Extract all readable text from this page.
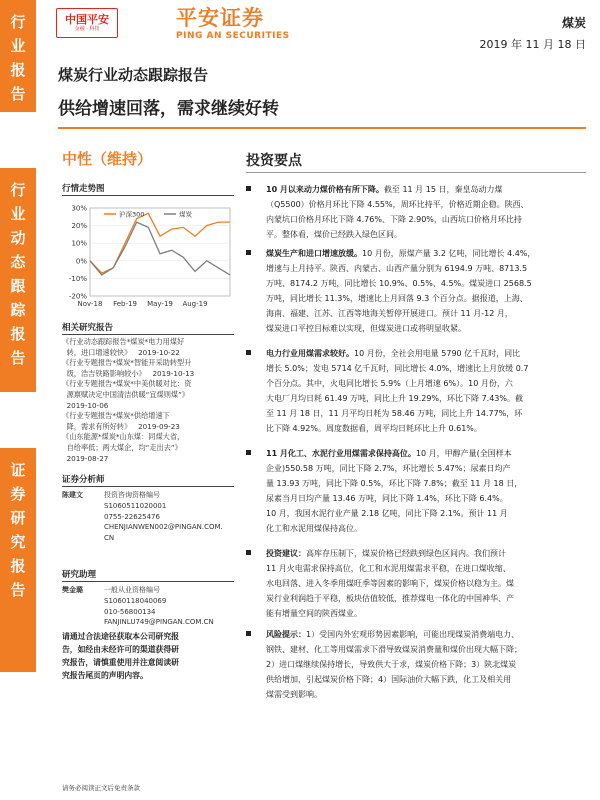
行业报告
行业动态跟踪报告
证券研究报告
中国平安
金融 · 科技	平安证券
PING AN SECURITIES
煤炭
2019 年 11 月 18 日
煤炭行业动态跟踪报告
供给增速回落，需求继续好转
中性（维持）
行情走势图
30%
20%
10%
0%
-10%
-20%
Nov-18 Feb-19 May-19 Aug-19
沪深300	煤炭
相关研究报告
《行业动态跟踪报告*煤炭*电力用煤好
转，进口增速较快》   2019-10-22
《行业专题报告*煤炭*智能开采助转型升
级，浩吉铁路影响较小》   2019-10-13
《行业专题报告*煤炭*中美供暖对比：资
源禀赋决定中国清洁供暖“宜煤则煤”》
2019-10-06
《行业专题报告*煤炭*供给增速下
降，需求有所好转》   2019-09-23
《山东能源*煤炭*山东煤：同煤大省，
自给率低；两大煤企，均“走出去”》
2019-08-27
证券分析师
陈建文	投资咨询资格编号
S1060511020001
0755-22625476
CHENJIANWEN002@PINGAN.COM.
CN
研究助理
樊金璐	一般从业资格编号
S1060118040069
010-56800134
FANJINLU749@PINGAN.COM.CN
请通过合法途径获取本公司研究报
告，如经由未经许可的渠道获得研
究报告，请慎重使用并注意阅读研
究报告尾页的声明内容。
投资要点
10 月以来动力煤价格有所下降。截至 11 月 15 日，秦皇岛动力煤
（Q5500）价格月环比下降 4.55%，周环比持平，价格近期企稳。陕西、
内蒙坑口价格月环比下降 4.76%、下降 2.90%，山西坑口价格月环比持
平。整体看，煤价已经跌入绿色区间。
煤炭生产和进口增速放缓。10 月份，原煤产量 3.2 亿吨，同比增长 4.4%，
增速与上月持平。陕西、内蒙古、山西产量分别为 6194.9 万吨、8713.5
万吨、8174.2 万吨，同比增长 10.9%、0.5%、4.5%。煤炭进口 2568.5
万吨，同比增长 11.3%，增速比上月回落 9.3 个百分点。据报道，上海、
海南、福建、江苏、江西等地海关暂停开展进口。预计 11 月-12 月，
煤炭进口平控目标难以实现，但煤炭进口或将明显收紧。
电力行业用煤需求较好。10 月份，全社会用电量 5790 亿千瓦时，同比
增长 5.0%；发电 5714 亿千瓦时，同比增长 4.0%，增速比上月放缓 0.7
个百分点。其中，火电同比增长 5.9%（上月增速 6%）。10 月份，六
大电厂月均日耗 61.49 万吨，同比上升 19.29%，环比下降 7.43%。截
至 11 月 18 日，11 月平均日耗为 58.46 万吨，同比上升 14.77%，环
比下降 4.92%。周度数据看，周平均日耗环比上升 0.61%。
11 月化工、水泥行业用煤需求保持高位。10 月，甲醇产量(全国样本
企业)550.58 万吨，同比下降 2.7%，环比增长 5.47%；尿素日均产
量 13.93 万吨，同比下降 0.5%，环比下降 7.8%；截至 11 月 18 日，
尿素当月日均产量 13.46 万吨，同比下降 1.4%，环比下降 6.4%。
10 月，我国水泥行业产量 2.18 亿吨，同比下降 2.1%。预计 11 月
化工和水泥用煤保持高位。
投资建议：高库存压制下，煤炭价格已经跌到绿色区间内。我们预计
11 月火电需求保持高位，化工和水泥用煤需求平稳，在进口煤收缩、
水电回落、进入冬季用煤旺季等因素的影响下，煤炭价格以稳为主。煤
炭行业利润趋于平稳，板块估值较低，推荐煤电一体化的中国神华、产
能有增量空间的陕西煤业。
风险提示：1）受国内外宏观形势因素影响，可能出现煤炭消费端电力、
钢铁、建材、化工等用煤需求下滑导致煤炭消费量和煤价出现大幅下降；
2）进口煤继续保持增长，导致供大于求，煤炭价格下降；3）陕北煤炭
供给增加，引起煤炭价格下降；4）国际油价大幅下跌，化工及相关用
煤需受到影响。
请务必阅读正文后免责条款
